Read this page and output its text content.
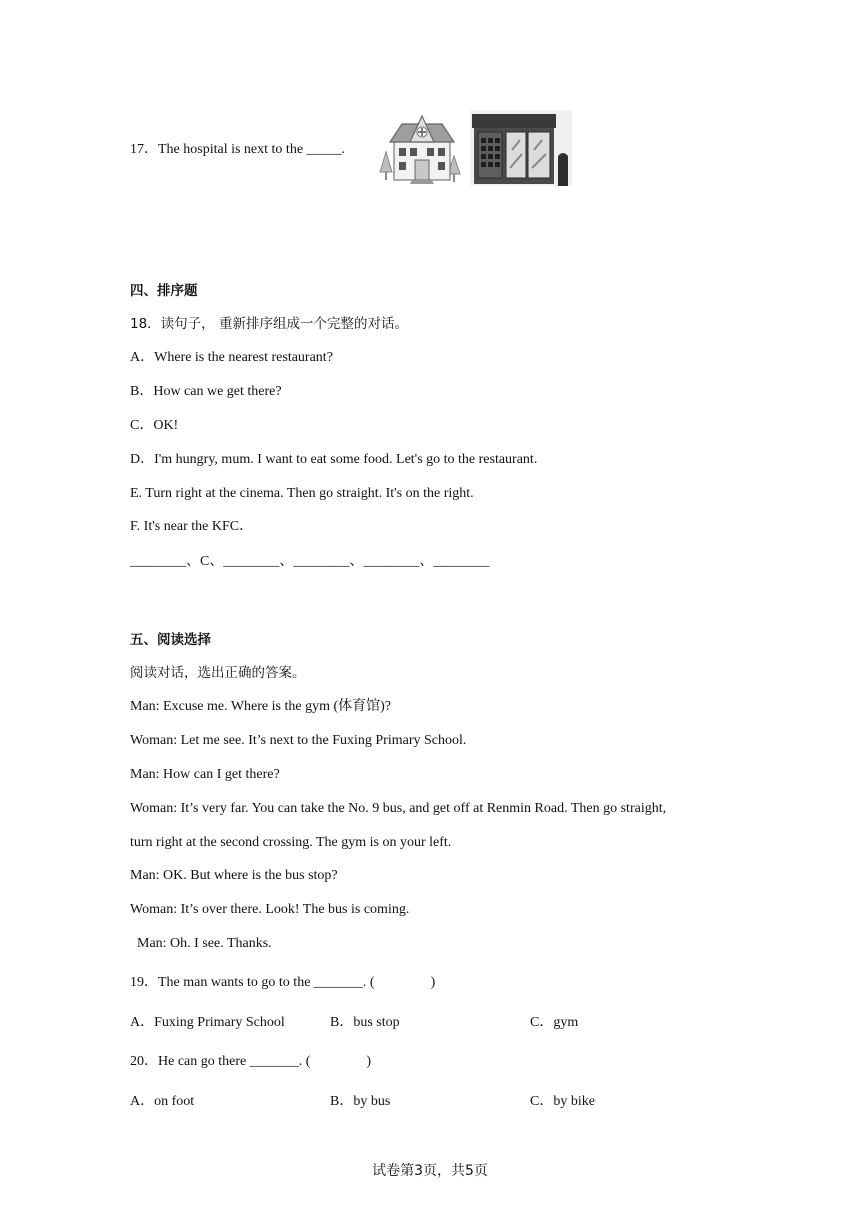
17．The hospital is next to the _____.
四、排序题
18．读句子， 重新排序组成一个完整的对话。
A．Where is the nearest restaurant?
B．How can we get there?
C．OK!
D．I'm hungry, mum. I want to eat some food. Let's go to the restaurant.
E. Turn right at the cinema. Then go straight. It's on the right.
F. It's near the KFC．
________、C、________、________、________、________
五、阅读选择
阅读对话，选出正确的答案。
Man: Excuse me. Where is the gym (体育馆)?
Woman: Let me see. It’s next to the Fuxing Primary School.
Man: How can I get there?
Woman: It’s very far. You can take the No. 9 bus, and get off at Renmin Road. Then go straight,
turn right at the second crossing. The gym is on your left.
Man: OK. But where is the bus stop?
Woman: It’s over there. Look! The bus is coming.
Man: Oh. I see. Thanks.
19．The man wants to go to the _______. (                )
A．Fuxing Primary School	B．bus stop	C．gym
20．He can go there _______. (                )
A．on foot	B．by bus	C．by bike
试卷第3页，共5页
